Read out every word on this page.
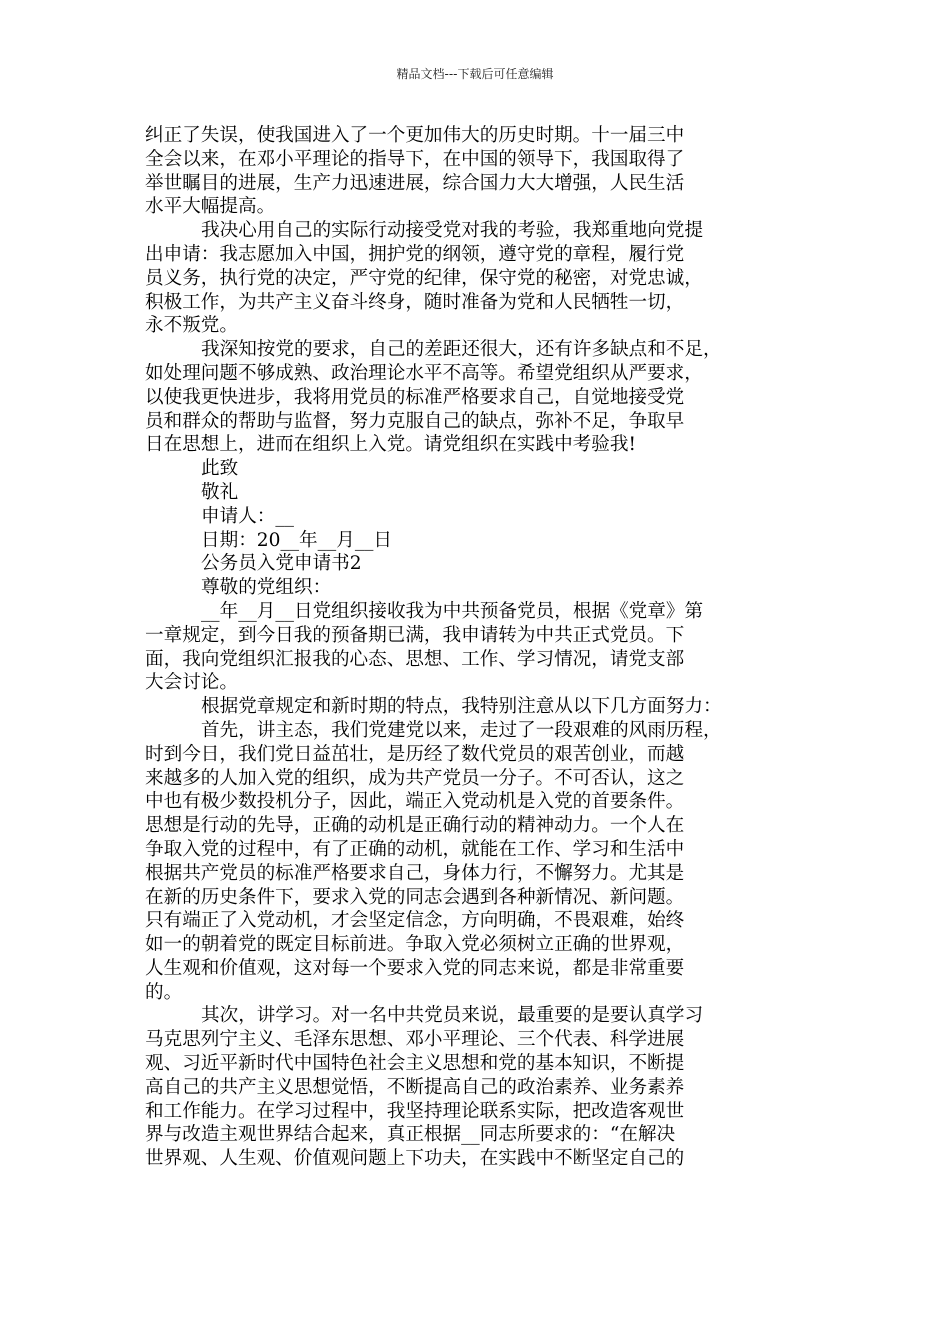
精品文档---下载后可任意编辑
纠正了失误，使我国进入了一个更加伟大的历史时期。十一届三中
全会以来，在邓小平理论的指导下，在中国的领导下，我国取得了
举世瞩目的进展，生产力迅速进展，综合国力大大增强，人民生活
水平大幅提高。
我决心用自己的实际行动接受党对我的考验，我郑重地向党提
出申请：我志愿加入中国，拥护党的纲领，遵守党的章程，履行党
员义务，执行党的决定，严守党的纪律，保守党的秘密，对党忠诚，
积极工作，为共产主义奋斗终身，随时准备为党和人民牺牲一切，
永不叛党。
我深知按党的要求，自己的差距还很大，还有许多缺点和不足，
如处理问题不够成熟、政治理论水平不高等。希望党组织从严要求，
以使我更快进步，我将用党员的标准严格要求自己，自觉地接受党
员和群众的帮助与监督，努力克服自己的缺点，弥补不足，争取早
日在思想上，进而在组织上入党。请党组织在实践中考验我!
此致
敬礼
申请人：__
日期：20__年__月__日
公务员入党申请书2
尊敬的党组织：
__年__月__日党组织接收我为中共预备党员，根据《党章》第
一章规定，到今日我的预备期已满，我申请转为中共正式党员。下
面，我向党组织汇报我的心态、思想、工作、学习情况，请党支部
大会讨论。
根据党章规定和新时期的特点，我特别注意从以下几方面努力：
首先，讲主态，我们党建党以来，走过了一段艰难的风雨历程，
时到今日，我们党日益茁壮，是历经了数代党员的艰苦创业，而越
来越多的人加入党的组织，成为共产党员一分子。不可否认，这之
中也有极少数投机分子，因此，端正入党动机是入党的首要条件。
思想是行动的先导，正确的动机是正确行动的精神动力。一个人在
争取入党的过程中，有了正确的动机，就能在工作、学习和生活中
根据共产党员的标准严格要求自己，身体力行，不懈努力。尤其是
在新的历史条件下，要求入党的同志会遇到各种新情况、新问题。
只有端正了入党动机，才会坚定信念，方向明确，不畏艰难，始终
如一的朝着党的既定目标前进。争取入党必须树立正确的世界观，
人生观和价值观，这对每一个要求入党的同志来说，都是非常重要
的。
其次，讲学习。对一名中共党员来说，最重要的是要认真学习
马克思列宁主义、毛泽东思想、邓小平理论、三个代表、科学进展
观、习近平新时代中国特色社会主义思想和党的基本知识，不断提
高自己的共产主义思想觉悟，不断提高自己的政治素养、业务素养
和工作能力。在学习过程中，我坚持理论联系实际，把改造客观世
界与改造主观世界结合起来，真正根据__同志所要求的：“在解决
世界观、人生观、价值观问题上下功夫，在实践中不断坚定自己的
